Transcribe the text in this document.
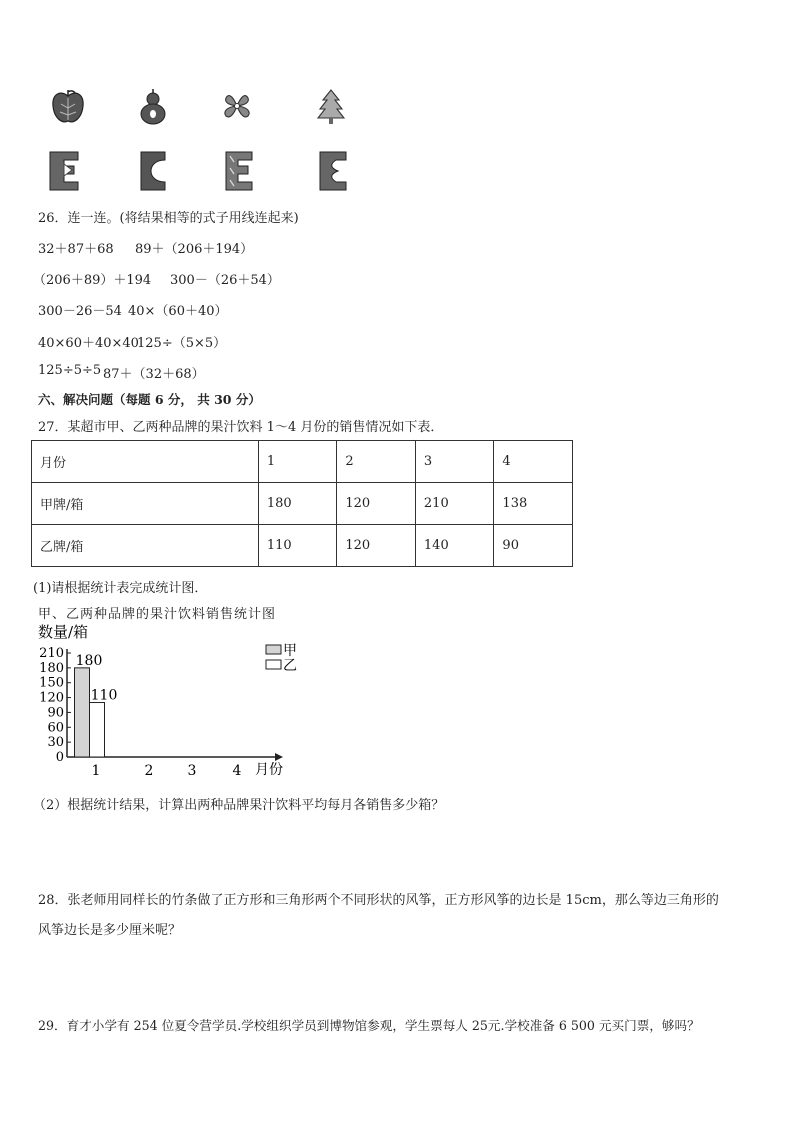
26．连一连。(将结果相等的式子用线连起来)
32＋87＋68 89＋（206＋194）
（206＋89）＋194 300－（26＋54）
300－26－54 40×（60＋40）
40×60＋40×40
125÷（5×5）
125÷5÷5 87＋（32＋68）
六、解决问题（每题 6 分， 共 30 分）
27．某超市甲、乙两种品牌的果汁饮料 1～4 月份的销售情况如下表．
月份	1	2	3	4
甲牌/箱	180	120	210	138
乙牌/箱	110	120	140	90
(1)请根据统计表完成统计图．
甲、乙两种品牌的果汁饮料销售统计图
数量/箱
月份
0
30
60
90
120
150
180
210
1	2 3	4
180
110
甲
乙
（2）根据统计结果，计算出两种品牌果汁饮料平均每月各销售多少箱？
28．张老师用同样长的竹条做了正方形和三角形两个不同形状的风筝，正方形风筝的边长是 15cm，那么等边三角形的
风筝边长是多少厘米呢？
29．育才小学有 254 位夏令营学员.学校组织学员到博物馆参观，学生票每人 25元.学校准备 6 500 元买门票，够吗？
